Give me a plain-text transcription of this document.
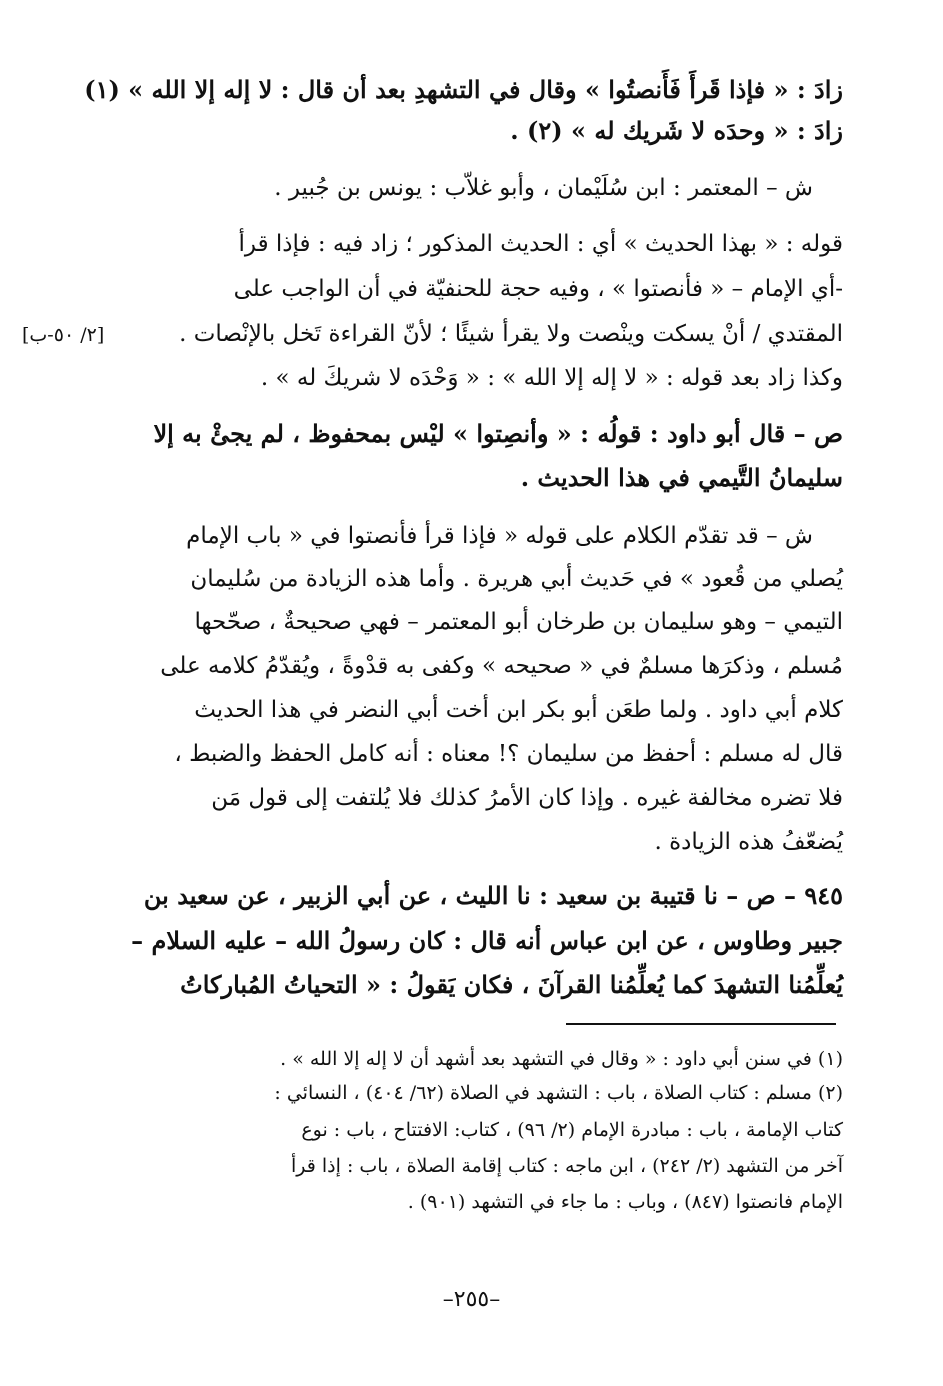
زادَ : « فإذا قَرأَ فَأَنصتُوا » وقال في التشهدِ بعد أن قال : لا إله إلا الله » (١)
زادَ : « وحدَه لا شَريك له » (٢) .
ش – المعتمر : ابن سُلَيْمان ، وأبو غلاّب : يونس بن جُبير .
قوله : « بهذا الحديث » أي : الحديث المذكور ؛ زاد فيه : فإذا قرأ
-أي الإمام – « فأنصتوا » ، وفيه حجة للحنفيّة في أن الواجب على
المقتدي / أنْ يسكت وينْصت ولا يقرأ شيئًا ؛ لأنّ القراءة تَخل بالإنْصات .
[٢/ ٥٠-ب]
وكذا زاد بعد قوله : « لا إله إلا الله » : « وَحْدَه لا شريكَ له » .
ص – قال أبو داود : قولُه : « وأنصِتوا » ليْس بمحفوظ ، لم يجئْ به إلا
سليمانُ التَّيمي في هذا الحديث .
ش – قد تقدّم الكلام على قوله « فإذا قرأ فأنصتوا في « باب الإمام
يُصلي من قُعود » في حَديث أبي هريرة . وأما هذه الزيادة من سُليمان
التيمي – وهو سليمان بن طرخان أبو المعتمر – فهي صحيحةٌ ، صحّحها
مُسلم ، وذكرَها مسلمٌ في « صحيحه » وكفى به قدْوةً ، ويُقدّمُ كلامه على
كلام أبي داود . ولما طعَن أبو بكر ابن أخت أبي النضر في هذا الحديث
قال له مسلم : أحفظ من سليمان ؟! معناه : أنه كامل الحفظ والضبط ،
فلا تضره مخالفة غيره . وإذا كان الأمرُ كذلك فلا يُلتفت إلى قول مَن
يُضعّفُ هذه الزيادة .
٩٤٥ – ص – نا قتيبة بن سعيد : نا الليث ، عن أبي الزبير ، عن سعيد بن
جبير وطاوس ، عن ابن عباس أنه قال : كان رسولُ الله – عليه السلام –
يُعلِّمُنا التشهدَ كما يُعلِّمُنا القرآنَ ، فكان يَقولُ : « التحياتُ المُباركاتُ
(١) في سنن أبي داود : « وقال في التشهد بعد أشهد أن لا إله إلا الله » .
(٢) مسلم : كتاب الصلاة ، باب : التشهد في الصلاة (٦٢/ ٤٠٤) ، النسائي :
كتاب الإمامة ، باب : مبادرة الإمام (٢/ ٩٦) ، كتاب: الافتتاح ، باب : نوع
آخر من التشهد (٢/ ٢٤٢) ، ابن ماجه : كتاب إقامة الصلاة ، باب : إذا قرأ
الإمام فانصتوا (٨٤٧) ، وباب : ما جاء في التشهد (٩٠١) .
–٢٥٥–
